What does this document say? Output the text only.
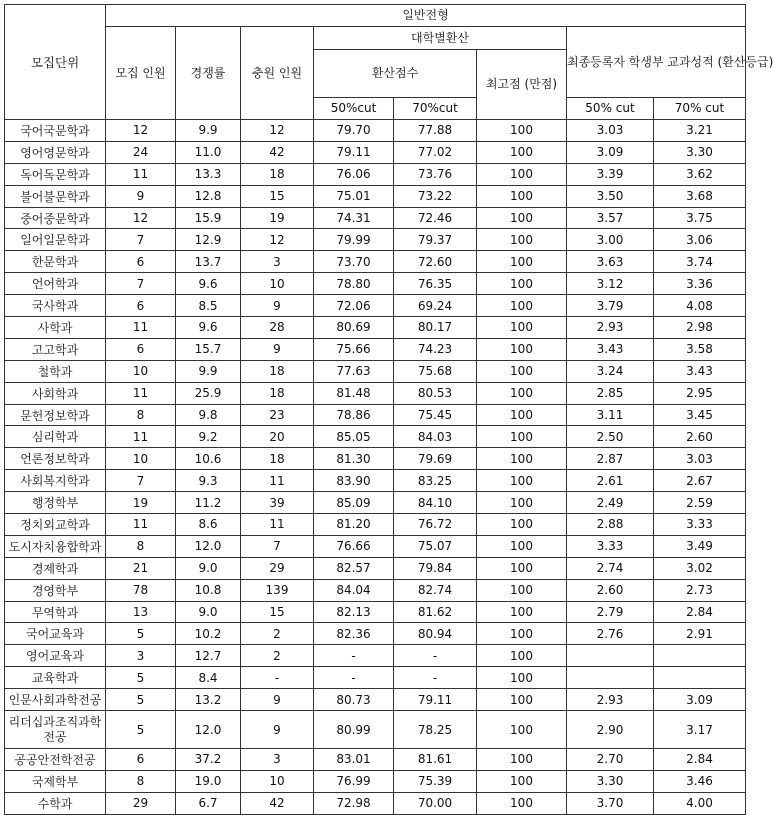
모집단위	일반전형							
	모집 인원	경쟁률	충원 인원	대학별환산			최종등록자 학생부 교과성적 (환산등급)	
				환산점수		최고점 (만점)		
				50%cut	70%cut		50% cut	70% cut
국어국문학과	12	9.9	12	79.70	77.88	100	3.03	3.21
영어영문학과	24	11.0	42	79.11	77.02	100	3.09	3.30
독어독문학과	11	13.3	18	76.06	73.76	100	3.39	3.62
불어불문학과	9	12.8	15	75.01	73.22	100	3.50	3.68
중어중문학과	12	15.9	19	74.31	72.46	100	3.57	3.75
일어일문학과	7	12.9	12	79.99	79.37	100	3.00	3.06
한문학과	6	13.7	3	73.70	72.60	100	3.63	3.74
언어학과	7	9.6	10	78.80	76.35	100	3.12	3.36
국사학과	6	8.5	9	72.06	69.24	100	3.79	4.08
사학과	11	9.6	28	80.69	80.17	100	2.93	2.98
고고학과	6	15.7	9	75.66	74.23	100	3.43	3.58
철학과	10	9.9	18	77.63	75.68	100	3.24	3.43
사회학과	11	25.9	18	81.48	80.53	100	2.85	2.95
문헌정보학과	8	9.8	23	78.86	75.45	100	3.11	3.45
심리학과	11	9.2	20	85.05	84.03	100	2.50	2.60
언론정보학과	10	10.6	18	81.30	79.69	100	2.87	3.03
사회복지학과	7	9.3	11	83.90	83.25	100	2.61	2.67
행정학부	19	11.2	39	85.09	84.10	100	2.49	2.59
정치외교학과	11	8.6	11	81.20	76.72	100	2.88	3.33
도시자치융합학과	8	12.0	7	76.66	75.07	100	3.33	3.49
경제학과	21	9.0	29	82.57	79.84	100	2.74	3.02
경영학부	78	10.8	139	84.04	82.74	100	2.60	2.73
무역학과	13	9.0	15	82.13	81.62	100	2.79	2.84
국어교육과	5	10.2	2	82.36	80.94	100	2.76	2.91
영어교육과	3	12.7	2	-	-	100		
교육학과	5	8.4	-	-	-	100		
인문사회과학전공	5	13.2	9	80.73	79.11	100	2.93	3.09

리더십과조직과학전공	5	12.0	9	80.99	78.25	100	2.90	3.17
공공안전학전공	6	37.2	3	83.01	81.61	100	2.70	2.84
국제학부	8	19.0	10	76.99	75.39	100	3.30	3.46
수학과	29	6.7	42	72.98	70.00	100	3.70	4.00
